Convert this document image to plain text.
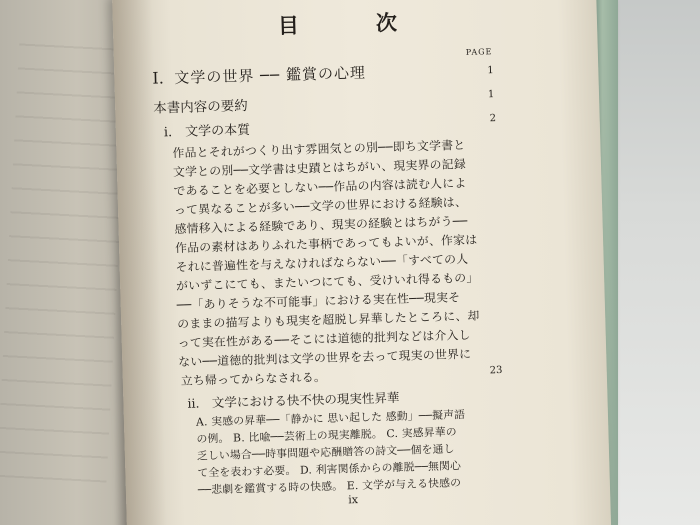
目　次
PAGE
I. 文学の世界 ── 鑑賞の心理	1
本書内容の要約
1
i.　文学の本質
2
作品とそれがつくり出す雰囲気との別──即ち文学書と
文学との別──文学書は史蹟とはちがい、現実界の記録
であることを必要としない──作品の内容は読む人によ
って異なることが多い──文学の世界における経験は、
感情移入による経験であり、現実の経験とはちがう──
作品の素材はありふれた事柄であってもよいが、作家は
それに普遍性を与えなければならない──「すべての人
がいずこにても、またいつにても、受けいれ得るもの」
──「ありそうな不可能事」における実在性──現実そ
のままの描写よりも現実を超脱し昇華したところに、却
って実在性がある──そこには道徳的批判などは介入し
ない──道徳的批判は文学の世界を去って現実の世界に
立ち帰ってからなされる。
ii.　文学における快不快の現実性昇華
23
A. 実感の昇華──「静かに 思い起した 感動」──擬声語
の例。 B. 比喩──芸術上の現実離脱。 C. 実感昇華の
乏しい場合──時事問題や応酬贈答の詩文──個を通し
て全を表わす必要。 D. 利害関係からの離脱──無関心
──悲劇を鑑賞する時の快感。 E. 文学が与える快感の
ix
